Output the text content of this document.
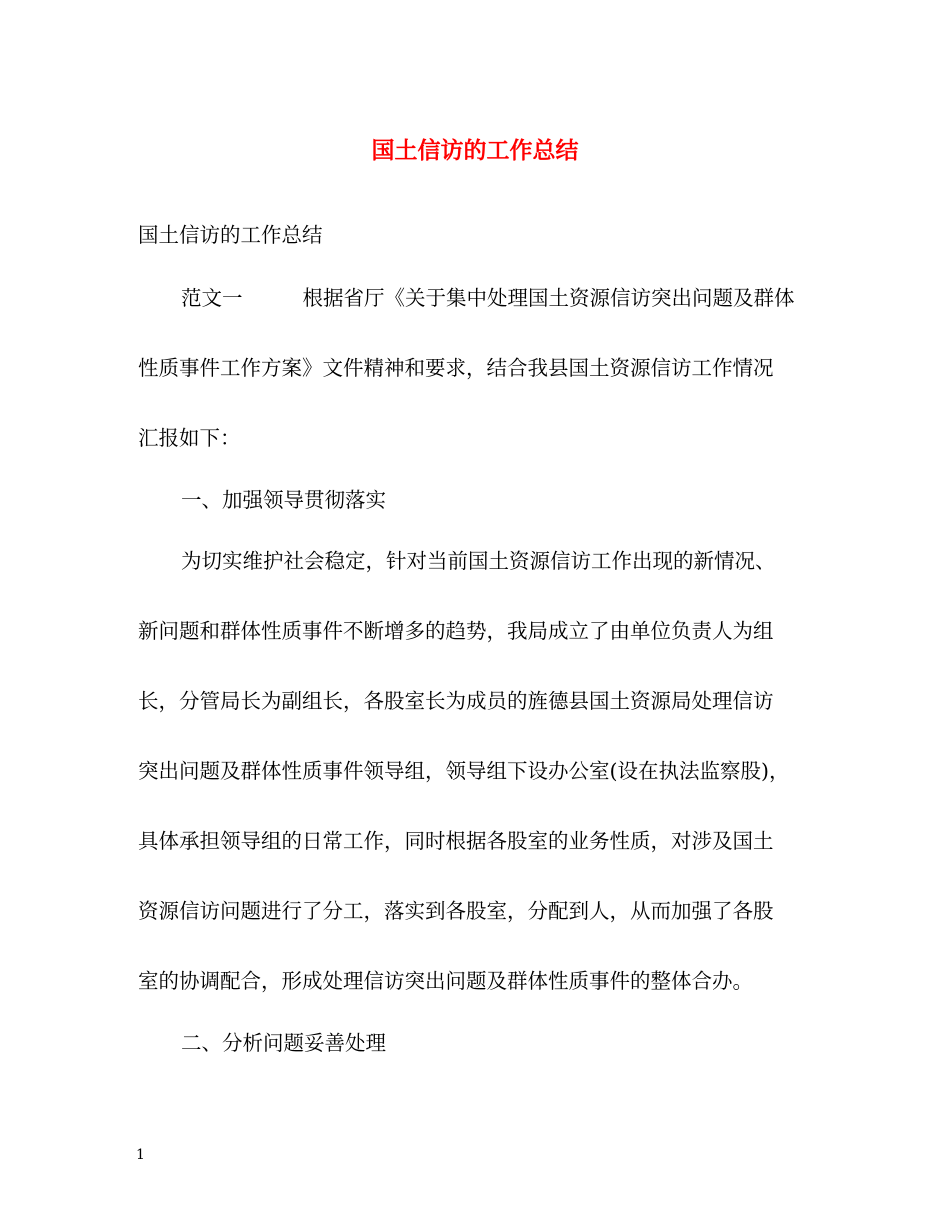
国土信访的工作总结
国土信访的工作总结
范文一	根据省厅《关于集中处理国土资源信访突出问题及群体
性质事件工作方案》文件精神和要求，结合我县国土资源信访工作情况
汇报如下：
一、加强领导贯彻落实
为切实维护社会稳定，针对当前国土资源信访工作出现的新情况、
新问题和群体性质事件不断增多的趋势，我局成立了由单位负责人为组
长，分管局长为副组长，各股室长为成员的旌德县国土资源局处理信访
突出问题及群体性质事件领导组，领导组下设办公室(设在执法监察股)，
具体承担领导组的日常工作，同时根据各股室的业务性质，对涉及国土
资源信访问题进行了分工，落实到各股室，分配到人，从而加强了各股
室的协调配合，形成处理信访突出问题及群体性质事件的整体合办。
二、分析问题妥善处理
1
